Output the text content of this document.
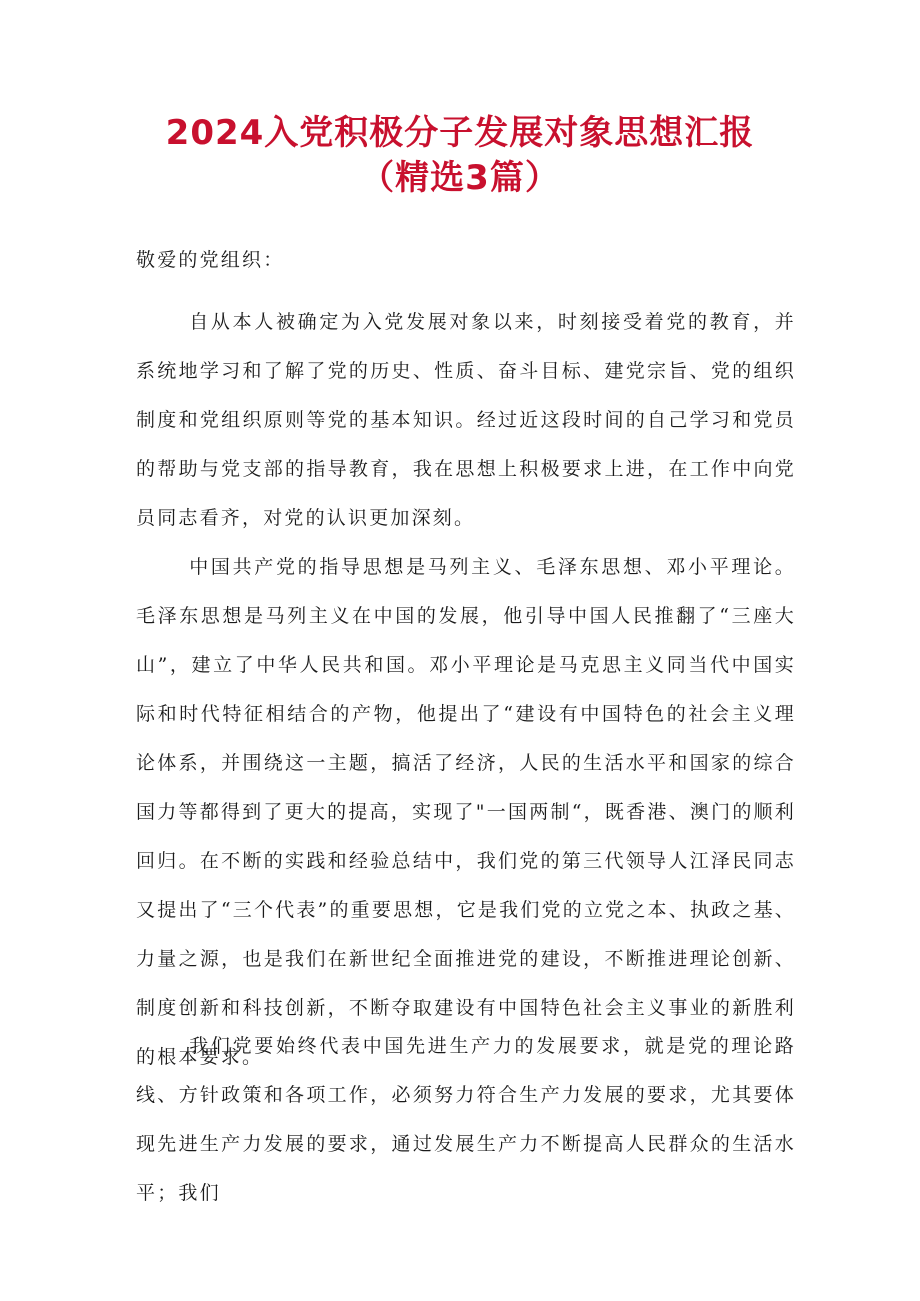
2024入党积极分子发展对象思想汇报
（精选3篇）

敬爱的党组织：

自从本人被确定为入党发展对象以来，时刻接受着党的教育，并系统地学习和了解了党的历史、性质、奋斗目标、建党宗旨、党的组织制度和党组织原则等党的基本知识。经过近这段时间的自己学习和党员的帮助与党支部的指导教育，我在思想上积极要求上进，在工作中向党员同志看齐，对党的认识更加深刻。

中国共产党的指导思想是马列主义、毛泽东思想、邓小平理论。毛泽东思想是马列主义在中国的发展，他引导中国人民推翻了“三座大山”，建立了中华人民共和国。邓小平理论是马克思主义同当代中国实际和时代特征相结合的产物，他提出了“建设有中国特色的社会主义理论体系，并围绕这一主题，搞活了经济，人民的生活水平和国家的综合国力等都得到了更大的提高，实现了"一国两制“，既香港、澳门的顺利回归。在不断的实践和经验总结中，我们党的第三代领导人江泽民同志又提出了“三个代表”的重要思想，它是我们党的立党之本、执政之基、力量之源，也是我们在新世纪全面推进党的建设，不断推进理论创新、制度创新和科技创新，不断夺取建设有中国特色社会主义事业的新胜利的根本要求。

我们党要始终代表中国先进生产力的发展要求，就是党的理论路线、方针政策和各项工作，必须努力符合生产力发展的要求，尤其要体现先进生产力发展的要求，通过发展生产力不断提高人民群众的生活水平；我们
